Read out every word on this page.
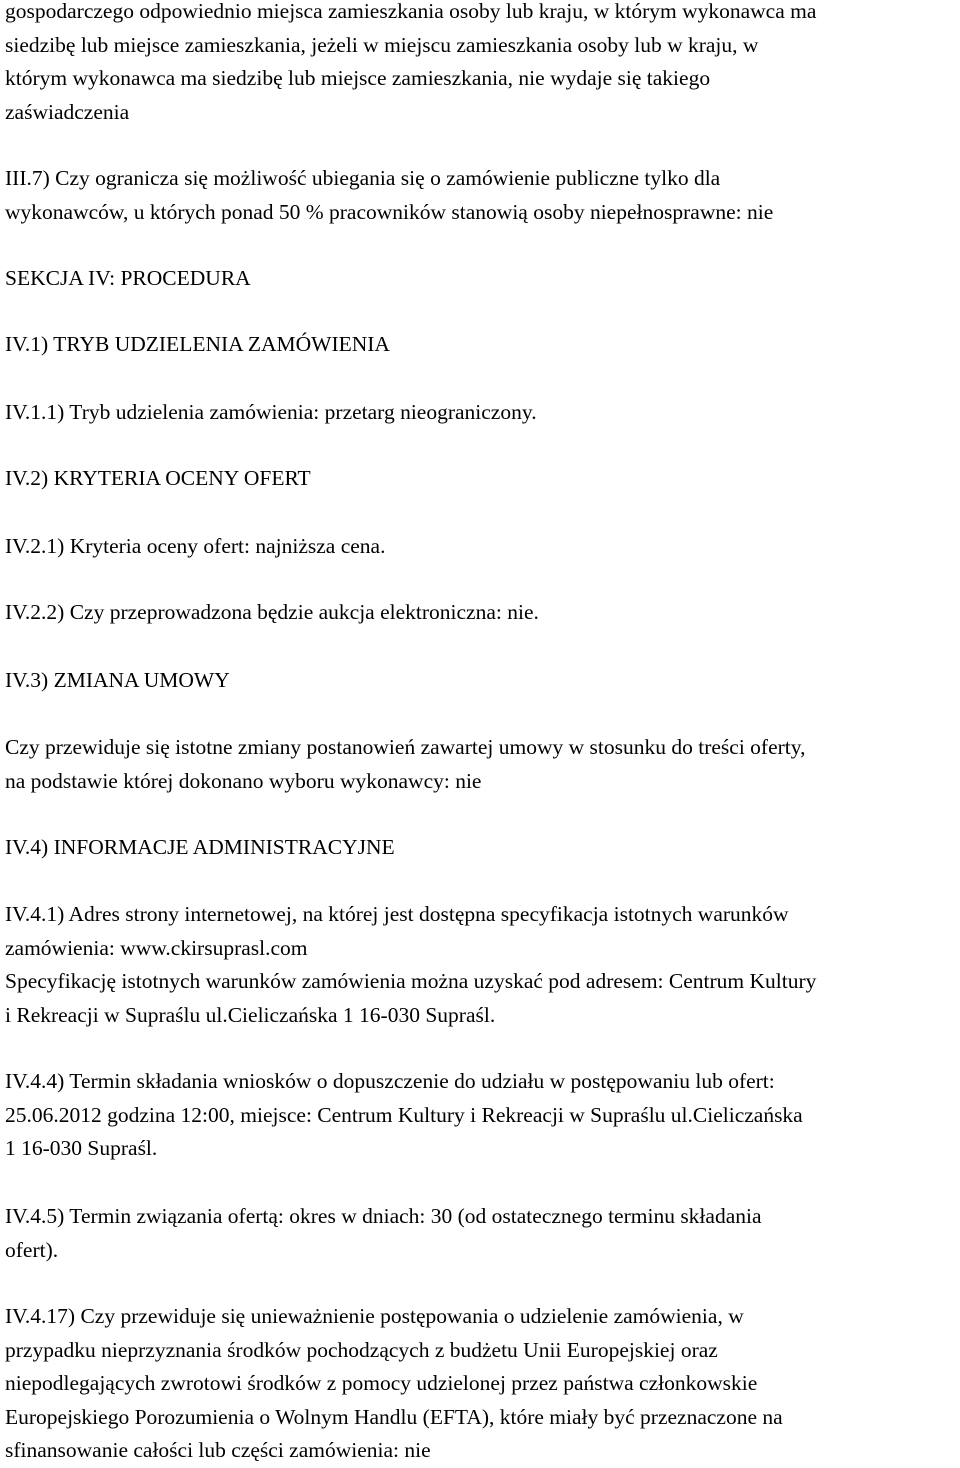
gospodarczego odpowiednio miejsca zamieszkania osoby lub kraju, w którym wykonawca ma
siedzibę lub miejsce zamieszkania, jeżeli w miejscu zamieszkania osoby lub w kraju, w
którym wykonawca ma siedzibę lub miejsce zamieszkania, nie wydaje się takiego
zaświadczenia
III.7) Czy ogranicza się możliwość ubiegania się o zamówienie publiczne tylko dla
wykonawców, u których ponad 50 % pracowników stanowią osoby niepełnosprawne: nie
SEKCJA IV: PROCEDURA
IV.1) TRYB UDZIELENIA ZAMÓWIENIA
IV.1.1) Tryb udzielenia zamówienia: przetarg nieograniczony.
IV.2) KRYTERIA OCENY OFERT
IV.2.1) Kryteria oceny ofert: najniższa cena.
IV.2.2) Czy przeprowadzona będzie aukcja elektroniczna: nie.
IV.3) ZMIANA UMOWY
Czy przewiduje się istotne zmiany postanowień zawartej umowy w stosunku do treści oferty,
na podstawie której dokonano wyboru wykonawcy: nie
IV.4) INFORMACJE ADMINISTRACYJNE
IV.4.1) Adres strony internetowej, na której jest dostępna specyfikacja istotnych warunków
zamówienia: www.ckirsuprasl.com
Specyfikację istotnych warunków zamówienia można uzyskać pod adresem: Centrum Kultury
i Rekreacji w Supraślu ul.Cieliczańska 1 16-030 Supraśl.
IV.4.4) Termin składania wniosków o dopuszczenie do udziału w postępowaniu lub ofert:
25.06.2012 godzina 12:00, miejsce: Centrum Kultury i Rekreacji w Supraślu ul.Cieliczańska
1 16-030 Supraśl.
IV.4.5) Termin związania ofertą: okres w dniach: 30 (od ostatecznego terminu składania
ofert).
IV.4.17) Czy przewiduje się unieważnienie postępowania o udzielenie zamówienia, w
przypadku nieprzyznania środków pochodzących z budżetu Unii Europejskiej oraz
niepodlegających zwrotowi środków z pomocy udzielonej przez państwa członkowskie
Europejskiego Porozumienia o Wolnym Handlu (EFTA), które miały być przeznaczone na
sfinansowanie całości lub części zamówienia: nie
